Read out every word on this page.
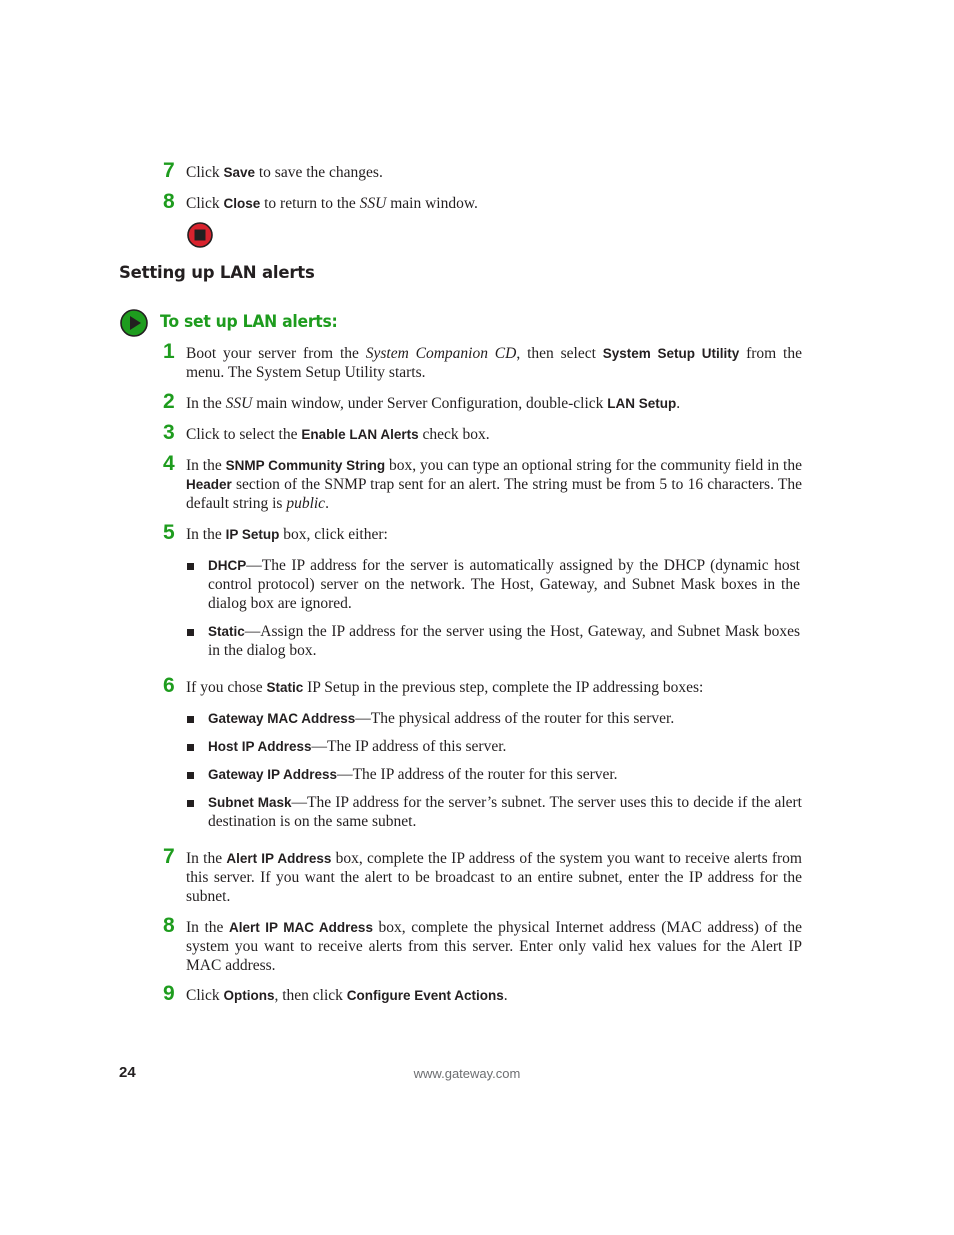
7 Click Save to save the changes.
8 Click Close to return to the SSU main window.
Setting up LAN alerts
To set up LAN alerts:
1 Boot your server from the System Companion CD, then select System Setup Utility from the menu. The System Setup Utility starts.
2 In the SSU main window, under Server Configuration, double-click LAN Setup.
3 Click to select the Enable LAN Alerts check box.
4 In the SNMP Community String box, you can type an optional string for the community field in the Header section of the SNMP trap sent for an alert. The string must be from 5 to 16 characters. The default string is public.
5 In the IP Setup box, click either:
DHCP—The IP address for the server is automatically assigned by the DHCP (dynamic host control protocol) server on the network. The Host, Gateway, and Subnet Mask boxes in the dialog box are ignored.
Static—Assign the IP address for the server using the Host, Gateway, and Subnet Mask boxes in the dialog box.
6 If you chose Static IP Setup in the previous step, complete the IP addressing boxes:
Gateway MAC Address—The physical address of the router for this server.
Host IP Address—The IP address of this server.
Gateway IP Address—The IP address of the router for this server.
Subnet Mask—The IP address for the server’s subnet. The server uses this to decide if the alert destination is on the same subnet.
7 In the Alert IP Address box, complete the IP address of the system you want to receive alerts from this server. If you want the alert to be broadcast to an entire subnet, enter the IP address for the subnet.
8 In the Alert IP MAC Address box, complete the physical Internet address (MAC address) of the system you want to receive alerts from this server. Enter only valid hex values for the Alert IP MAC address.
9 Click Options, then click Configure Event Actions.
24	www.gateway.com
